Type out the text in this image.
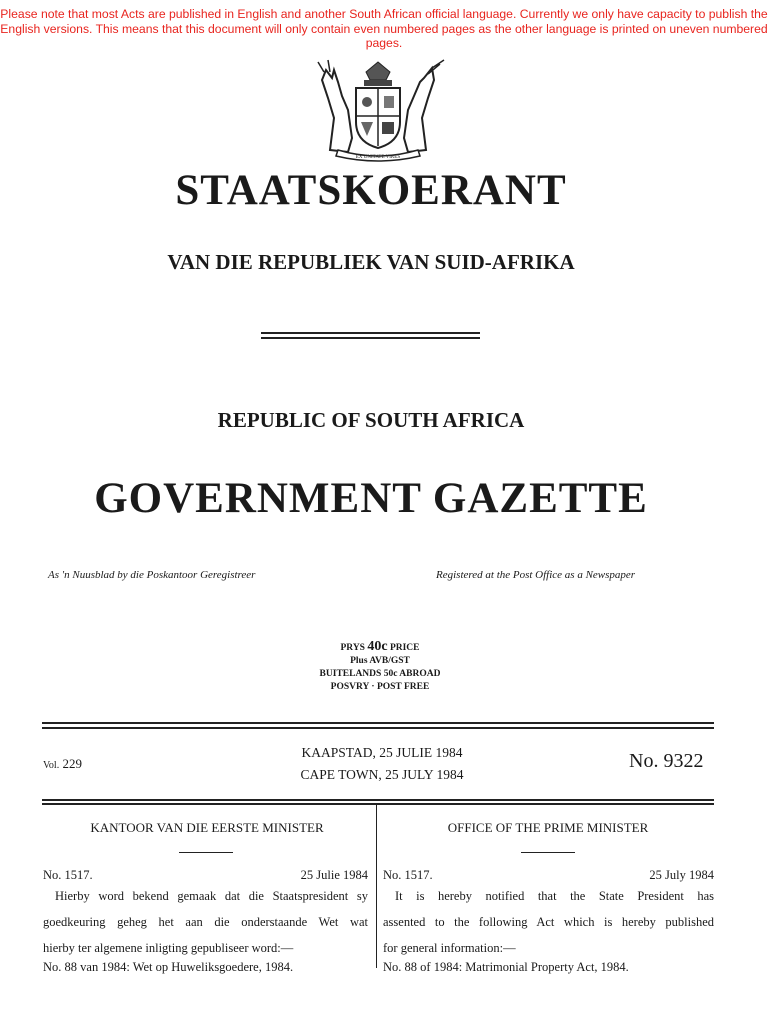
Please note that most Acts are published in English and another South African official language. Currently we only have capacity to publish the English versions. This means that this document will only contain even numbered pages as the other language is printed on uneven numbered pages.
EX UNITATE VIRES
STAATSKOERANT
VAN DIE REPUBLIEK VAN SUID-AFRIKA
REPUBLIC OF SOUTH AFRICA
GOVERNMENT GAZETTE
As 'n Nuusblad by die Poskantoor Geregistreer	Registered at the Post Office as a Newspaper
PRYS 40c PRICE
Plus AVB/GST
BUITELANDS 50c ABROAD
POSVRY · POST FREE
Vol. 229
KAAPSTAD, 25 JULIE 1984
CAPE TOWN, 25 JULY 1984
No. 9322
KANTOOR VAN DIE EERSTE MINISTER	OFFICE OF THE PRIME MINISTER
No. 1517.	25 Julie 1984
Hierby word bekend gemaak dat die Staatspresident sy
goedkeuring geheg het aan die onderstaande Wet wat
hierby ter algemene inligting gepubliseer word:—
No. 88 van 1984: Wet op Huweliksgoedere, 1984.
No. 1517.	25 July 1984
It is hereby notified that the State President has
assented to the following Act which is hereby published
for general information:—
No. 88 of 1984: Matrimonial Property Act, 1984.
